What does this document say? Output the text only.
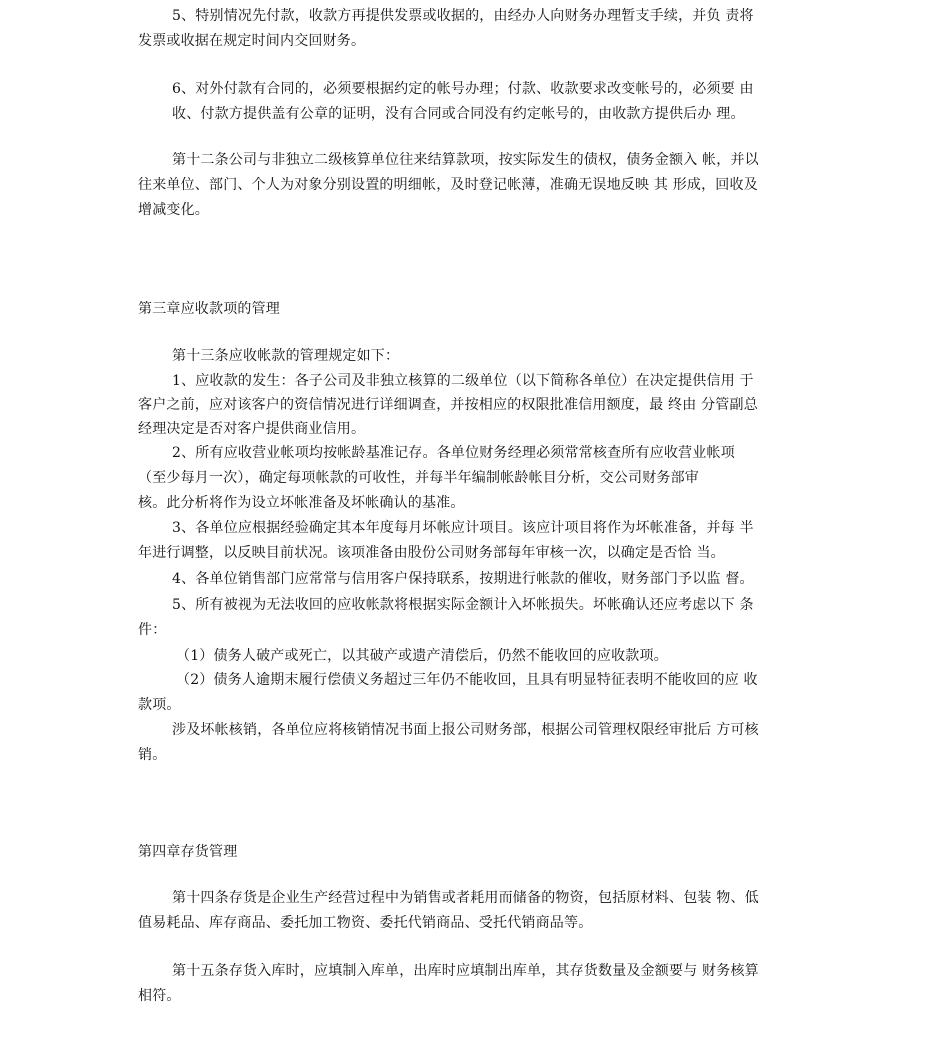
5、特别情况先付款，收款方再提供发票或收据的，由经办人向财务办理暂支手续，并负 责将
发票或收据在规定时间内交回财务。
6、对外付款有合同的，必须要根据约定的帐号办理；付款、收款要求改变帐号的，必须要 由
收、付款方提供盖有公章的证明，没有合同或合同没有约定帐号的，由收款方提供后办 理。
第十二条公司与非独立二级核算单位往来结算款项，按实际发生的债权，债务金额入 帐，并以
往来单位、部门、个人为对象分别设置的明细帐，及时登记帐薄，准确无误地反映 其 形成，回收及
增减变化。
第三章应收款项的管理
第十三条应收帐款的管理规定如下：
1、应收款的发生：各子公司及非独立核算的二级单位（以下简称各单位）在决定提供信用 于
客户之前，应对该客户的资信情况进行详细调查，并按相应的权限批准信用额度，最 终由 分管副总
经理决定是否对客户提供商业信用。
2、所有应收营业帐项均按帐龄基准记存。各单位财务经理必须常常核查所有应收营业帐项
（至少每月一次），确定每项帐款的可收性，并每半年编制帐龄帐目分析，交公司财务部审
核。此分析将作为设立坏帐准备及坏帐确认的基准。
3、各单位应根据经验确定其本年度每月坏帐应计项目。该应计项目将作为坏帐准备，并每 半
年进行调整，以反映目前状况。该项准备由股份公司财务部每年审核一次，以确定是否恰 当。
4、各单位销售部门应常常与信用客户保持联系，按期进行帐款的催收，财务部门予以监 督。
5、所有被视为无法收回的应收帐款将根据实际金额计入坏帐损失。坏帐确认还应考虑以下 条
件：
（1）债务人破产或死亡，以其破产或遗产清偿后，仍然不能收回的应收款项。
（2）债务人逾期末履行偿债义务超过三年仍不能收回，且具有明显特征表明不能收回的应 收
款项。
涉及坏帐核销，各单位应将核销情况书面上报公司财务部，根据公司管理权限经审批后 方可核
销。
第四章存货管理
第十四条存货是企业生产经营过程中为销售或者耗用而储备的物资，包括原材料、包装 物、低
值易耗品、库存商品、委托加工物资、委托代销商品、受托代销商品等。
第十五条存货入库时，应填制入库单，出库时应填制出库单，其存货数量及金额要与 财务核算
相符。
